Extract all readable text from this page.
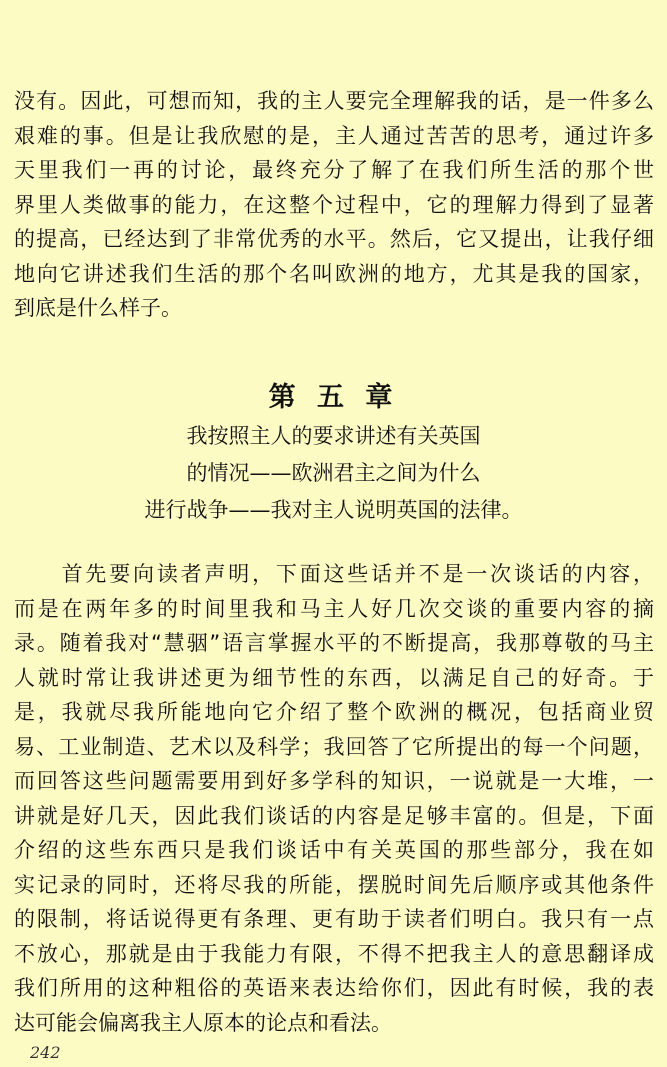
没有。因此，可想而知，我的主人要完全理解我的话，是一件多么
艰难的事。但是让我欣慰的是，主人通过苦苦的思考，通过许多
天里我们一再的讨论，最终充分了解了在我们所生活的那个世
界里人类做事的能力，在这整个过程中，它的理解力得到了显著
的提高，已经达到了非常优秀的水平。然后，它又提出，让我仔细
地向它讲述我们生活的那个名叫欧洲的地方，尤其是我的国家，
到底是什么样子。
第 五 章
我按照主人的要求讲述有关英国
的情况——欧洲君主之间为什么
进行战争——我对主人说明英国的法律。
　　首先要向读者声明，下面这些话并不是一次谈话的内容，
而是在两年多的时间里我和马主人好几次交谈的重要内容的摘
录。随着我对“慧骃”语言掌握水平的不断提高，我那尊敬的马主
人就时常让我讲述更为细节性的东西，以满足自己的好奇。于
是，我就尽我所能地向它介绍了整个欧洲的概况，包括商业贸
易、工业制造、艺术以及科学；我回答了它所提出的每一个问题，
而回答这些问题需要用到好多学科的知识，一说就是一大堆，一
讲就是好几天，因此我们谈话的内容是足够丰富的。但是，下面
介绍的这些东西只是我们谈话中有关英国的那些部分，我在如
实记录的同时，还将尽我的所能，摆脱时间先后顺序或其他条件
的限制，将话说得更有条理、更有助于读者们明白。我只有一点
不放心，那就是由于我能力有限，不得不把我主人的意思翻译成
我们所用的这种粗俗的英语来表达给你们，因此有时候，我的表
达可能会偏离我主人原本的论点和看法。
242
